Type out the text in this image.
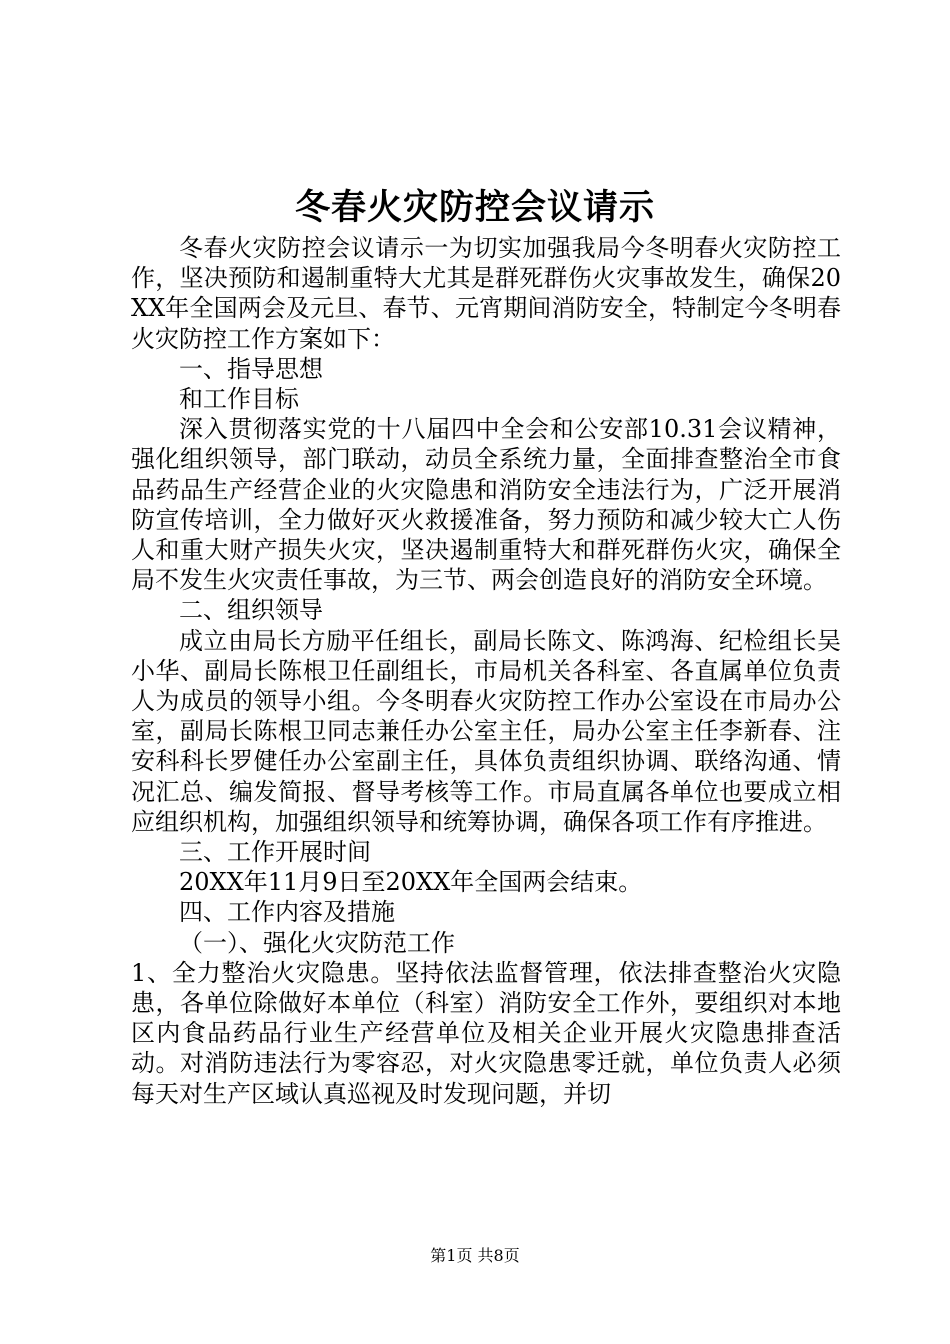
冬春火灾防控会议请示

冬春火灾防控会议请示一为切实加强我局今冬明春火灾防控工作，坚决预防和遏制重特大尤其是群死群伤火灾事故发生，确保20XX年全国两会及元旦、春节、元宵期间消防安全，特制定今冬明春火灾防控工作方案如下：

一、指导思想

和工作目标

深入贯彻落实党的十八届四中全会和公安部10.31会议精神，强化组织领导，部门联动，动员全系统力量，全面排查整治全市食品药品生产经营企业的火灾隐患和消防安全违法行为，广泛开展消防宣传培训，全力做好灭火救援准备，努力预防和减少较大亡人伤人和重大财产损失火灾，坚决遏制重特大和群死群伤火灾，确保全局不发生火灾责任事故，为三节、两会创造良好的消防安全环境。

二、组织领导

成立由局长方励平任组长，副局长陈文、陈鸿海、纪检组长吴小华、副局长陈根卫任副组长，市局机关各科室、各直属单位负责人为成员的领导小组。今冬明春火灾防控工作办公室设在市局办公室，副局长陈根卫同志兼任办公室主任，局办公室主任李新春、注安科科长罗健任办公室副主任，具体负责组织协调、联络沟通、情况汇总、编发简报、督导考核等工作。市局直属各单位也要成立相应组织机构，加强组织领导和统筹协调，确保各项工作有序推进。

三、工作开展时间

20XX年11月9日至20XX年全国两会结束。

四、工作内容及措施

（一）、强化火灾防范工作

1、全力整治火灾隐患。坚持依法监督管理，依法排查整治火灾隐患，各单位除做好本单位（科室）消防安全工作外，要组织对本地区内食品药品行业生产经营单位及相关企业开展火灾隐患排查活动。对消防违法行为零容忍，对火灾隐患零迁就，单位负责人必须每天对生产区域认真巡视及时发现问题，并切

第1页 共8页
